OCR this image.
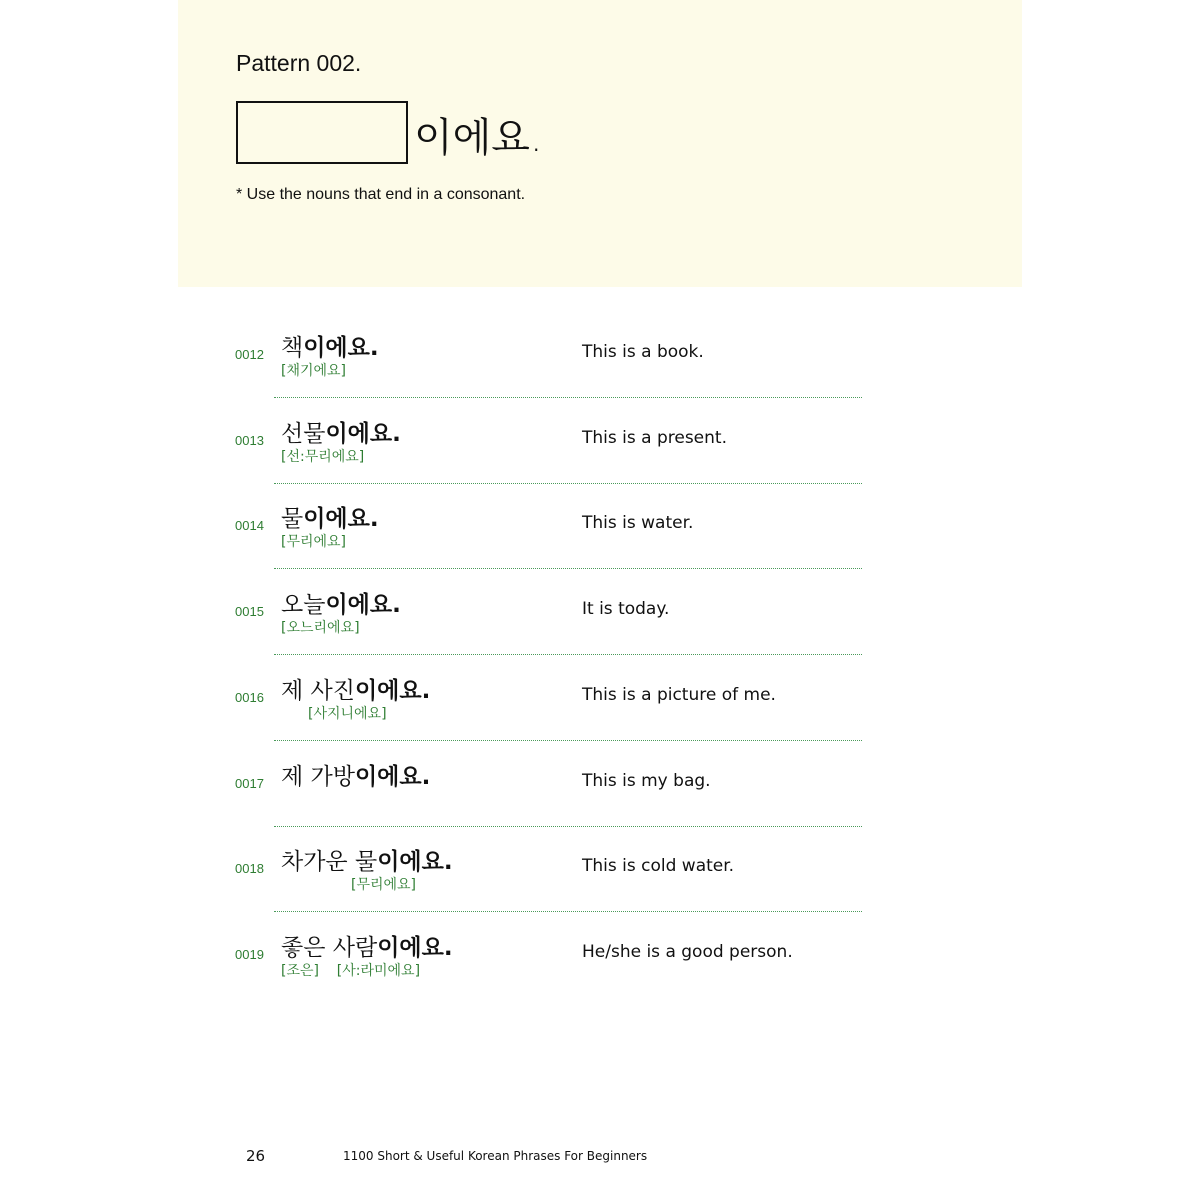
Pattern 002.
이에요.
* Use the nouns that end in a consonant.
0012 책이에요.
[채기에요]
This is a book.
0013 선물이에요.
[선:무리에요]
This is a present.
0014 물이에요.
[무리에요]
This is water.
0015 오늘이에요.
[오느리에요]
It is today.
0016 제 사진이에요.
[사지니에요]
This is a picture of me.
0017 제 가방이에요.	This is my bag.
0018 차가운 물이에요.
[무리에요]
This is cold water.
0019 좋은 사람이에요.
[조은]    [사:라미에요]
He/she is a good person.
26	1100 Short & Useful Korean Phrases For Beginners
